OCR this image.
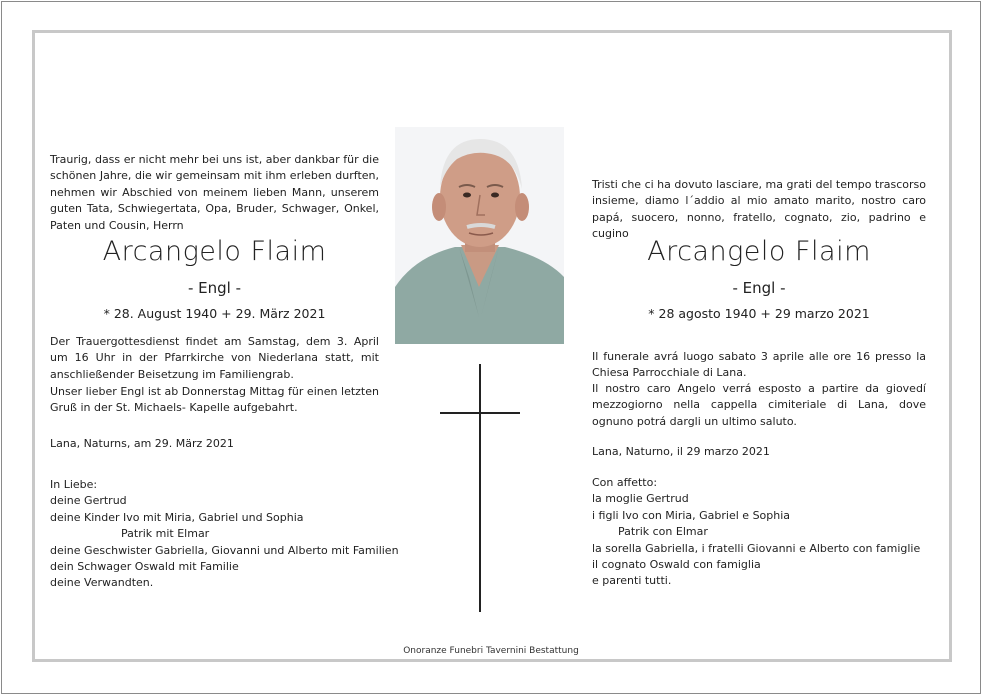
Traurig, dass er nicht mehr bei uns ist, aber dankbar für die schönen Jahre, die wir gemeinsam mit ihm erleben durften, nehmen wir Abschied von meinem lieben Mann, unserem guten Tata, Schwiegertata, Opa, Bruder, Schwager, Onkel, Paten und Cousin, Herrn
Arcangelo Flaim
- Engl -
* 28. August 1940 + 29. März 2021
Der Trauergottesdienst findet am Samstag, dem 3. April um 16 Uhr in der Pfarrkirche von Niederlana statt, mit anschließender Beisetzung im Familiengrab.
Unser lieber Engl ist ab Donnerstag Mittag für einen letzten Gruß in der St. Michaels- Kapelle aufgebahrt.
Lana, Naturns, am 29. März 2021
In Liebe:
deine Gertrud
deine Kinder Ivo mit Miria, Gabriel und Sophia
Patrik mit Elmar
deine Geschwister Gabriella, Giovanni und Alberto mit Familien
dein Schwager Oswald mit Familie
deine Verwandten.
Tristi che ci ha dovuto lasciare, ma grati del tempo trascorso insieme, diamo l´addio al mio amato marito, nostro caro papá, suocero, nonno, fratello, cognato, zio, padrino e cugino
Arcangelo Flaim
- Engl -
* 28 agosto 1940 + 29 marzo 2021
Il funerale avrá luogo sabato 3 aprile alle ore 16 presso la Chiesa Parrocchiale di Lana.
Il nostro caro Angelo verrá esposto a partire da giovedí mezzogiorno nella cappella cimiteriale di Lana, dove ognuno potrá dargli un ultimo saluto.
Lana, Naturno, il 29 marzo 2021
Con affetto:
la moglie Gertrud
i figli Ivo con Miria, Gabriel e Sophia
Patrik con Elmar
la sorella Gabriella, i fratelli Giovanni e Alberto con famiglie
il cognato Oswald con famiglia
e parenti tutti.
Onoranze Funebri Tavernini Bestattung
